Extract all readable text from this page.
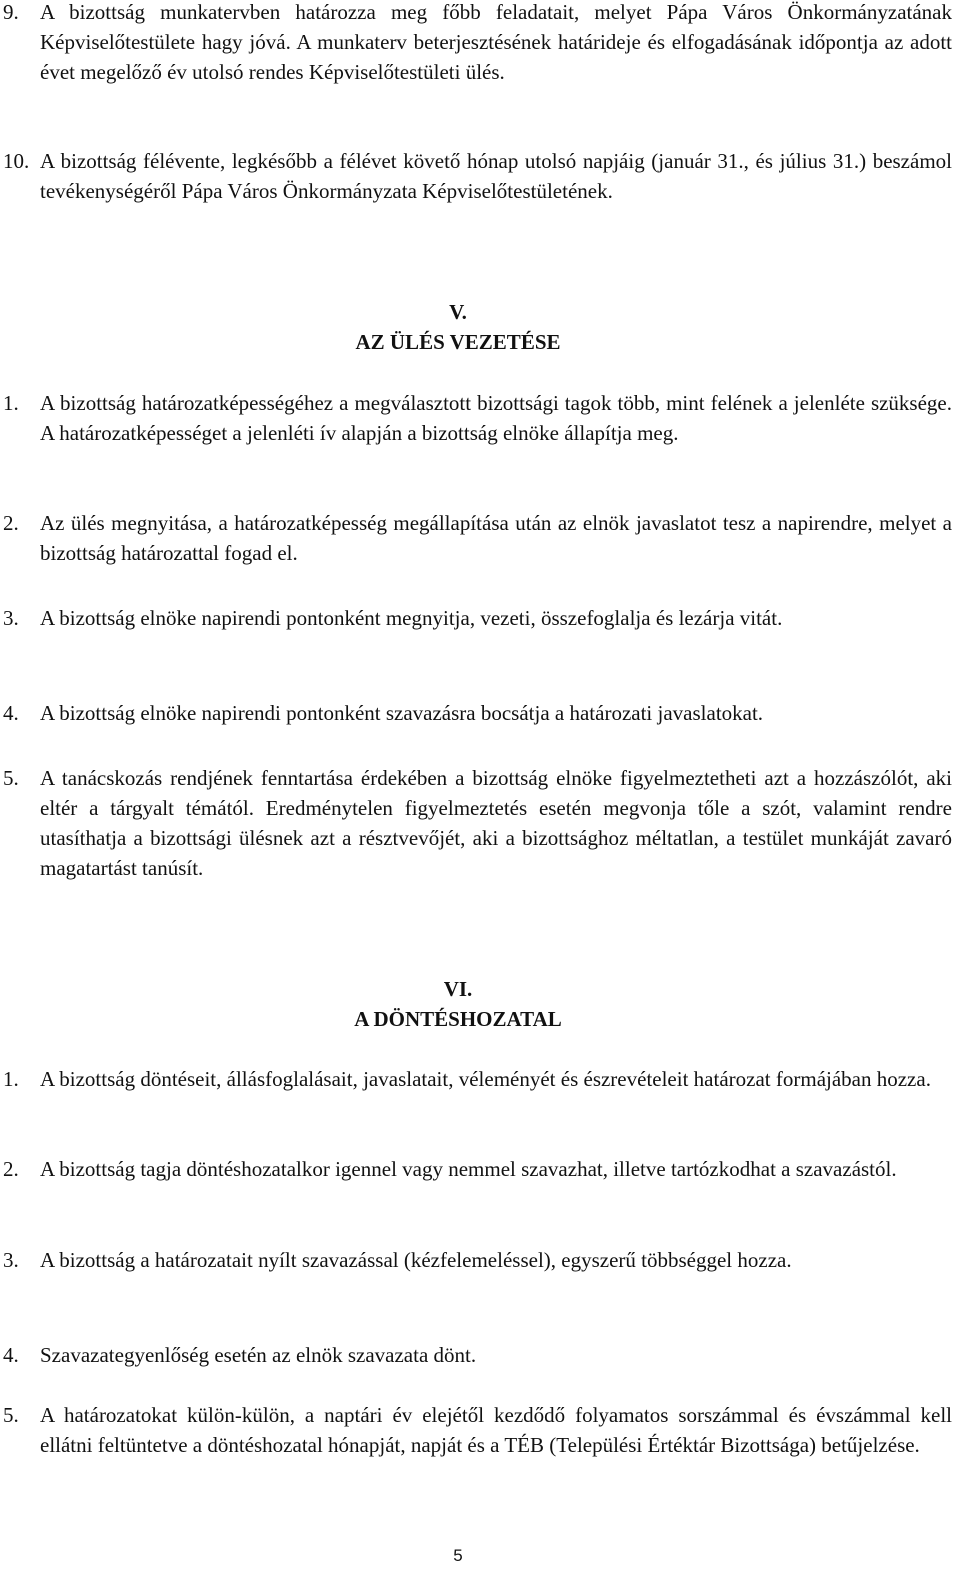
9. A bizottság munkatervben határozza meg főbb feladatait, melyet Pápa Város Önkormányzatának Képviselőtestülete hagy jóvá. A munkaterv beterjesztésének határideje és elfogadásának időpontja az adott évet megelőző év utolsó rendes Képviselőtestületi ülés.
10. A bizottság félévente, legkésőbb a félévet követő hónap utolsó napjáig (január 31., és július 31.) beszámol tevékenységéről Pápa Város Önkormányzata Képviselőtestületének.
V.
AZ ÜLÉS VEZETÉSE
1. A bizottság határozatképességéhez a megválasztott bizottsági tagok több, mint felének a jelenléte szüksége. A határozatképességet a jelenléti ív alapján a bizottság elnöke állapítja meg.
2. Az ülés megnyitása, a határozatképesség megállapítása után az elnök javaslatot tesz a napirendre, melyet a bizottság határozattal fogad el.
3. A bizottság elnöke napirendi pontonként megnyitja, vezeti, összefoglalja és lezárja vitát.
4. A bizottság elnöke napirendi pontonként szavazásra bocsátja a határozati javaslatokat.
5. A tanácskozás rendjének fenntartása érdekében a bizottság elnöke figyelmeztetheti azt a hozzászólót, aki eltér a tárgyalt témától. Eredménytelen figyelmeztetés esetén megvonja tőle a szót, valamint rendre utasíthatja a bizottsági ülésnek azt a résztvevőjét, aki a bizottsághoz méltatlan, a testület munkáját zavaró magatartást tanúsít.
VI.
A DÖNTÉSHOZATAL
1. A bizottság döntéseit, állásfoglalásait, javaslatait, véleményét és észrevételeit határozat formájában hozza.
2. A bizottság tagja döntéshozatalkor igennel vagy nemmel szavazhat, illetve tartózkodhat a szavazástól.
3. A bizottság a határozatait nyílt szavazással (kézfelemeléssel), egyszerű többséggel hozza.
4. Szavazategyenlőség esetén az elnök szavazata dönt.
5. A határozatokat külön-külön, a naptári év elejétől kezdődő folyamatos sorszámmal és évszámmal kell ellátni feltüntetve a döntéshozatal hónapját, napját és a TÉB (Települési Értéktár Bizottsága) betűjelzése.
5
